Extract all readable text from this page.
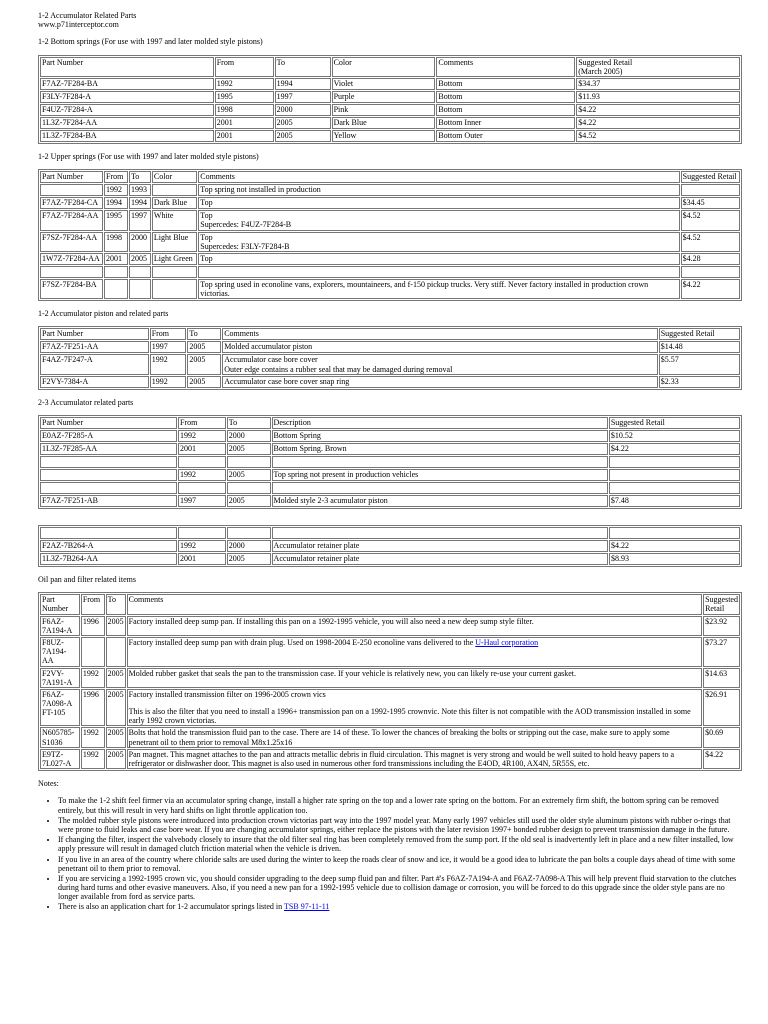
1-2 Accumulator Related Parts
www.p71interceptor.com
1-2 Bottom springs (For use with 1997 and later molded style pistons)
Part Number	From	To	Color	Comments	Suggested Retail
(March 2005)
F7AZ-7F284-BA	1992	1994	Violet	Bottom	$34.37
F3LY-7F284-A	1995	1997	Purple	Bottom	$11.93
F4UZ-7F284-A	1998	2000	Pink	Bottom	$4.22
1L3Z-7F284-AA	2001	2005	Dark Blue	Bottom Inner	$4.22
1L3Z-7F284-BA	2001	2005	Yellow	Bottom Outer	$4.52
1-2 Upper springs (For use with 1997 and later molded style pistons)
Part Number	From	To	Color	Comments	Suggested Retail
	1992	1993		Top spring not installed in production	
F7AZ-7F284-CA	1994	1994	Dark Blue	Top	$34.45
F7AZ-7F284-AA	1995	1997	White	Top
Supercedes: F4UZ-7F284-B	$4.52
F7SZ-7F284-AA	1998	2000	Light Blue	Top
Supercedes: F3LY-7F284-B	$4.52
1W7Z-7F284-AA	2001	2005	Light Green	Top	$4.28

F7SZ-7F284-BA				Top spring used in econoline vans, explorers, mountaineers, and f-150 pickup trucks. Very stiff. Never factory installed in production crown victorias.	$4.22
1-2 Accumulator piston and related parts
Part Number	From	To	Comments	Suggested Retail
F7AZ-7F251-AA	1997	2005	Molded accumulator piston	$14.48
F4AZ-7F247-A	1992	2005	Accumulator case bore cover
Outer edge contains a rubber seal that may be damaged during removal	$5.57
F2VY-7384-A	1992	2005	Accumulator case bore cover snap ring	$2.33
2-3 Accumulator related parts
Part Number	From	To	Description	Suggested Retail
E0AZ-7F285-A	1992	2000	Bottom Spring	$10.52
1L3Z-7F285-AA	2001	2005	Bottom Spring. Brown	$4.22

	1992	2005	Top spring not present in production vehicles	

F7AZ-7F251-AB	1997	2005	Molded style 2-3 acumulator piston	$7.48

F2AZ-7B264-A	1992	2000	Accumulator retainer plate	$4.22
1L3Z-7B264-AA	2001	2005	Accumulator retainer plate	$8.93
Oil pan and filter related items
Part Number	From	To	Comments	Suggested Retail
F6AZ-7A194-A	1996	2005	Factory installed deep sump pan. If installing this pan on a 1992-1995 vehicle, you will also need a new deep sump style filter.	$23.92
F8UZ-7A194-AA			Factory installed deep sump pan with drain plug. Used on 1998-2004 E-250 econoline vans delivered to the U-Haul corporation	$73.27
F2VY-7A191-A	1992	2005	Molded rubber gasket that seals the pan to the transmission case. If your vehicle is relatively new, you can likely re-use your current gasket.	$14.63
F6AZ-7A098-A FT-105	1996	2005	Factory installed transmission filter on 1996-2005 crown vics
This is also the filter that you need to install a 1996+ transmission pan on a 1992-1995 crownvic. Note this filter is not compatible with the AOD transmission installed in some early 1992 crown victorias.	$26.91
N605785-S1036	1992	2005	Bolts that hold the transmission fluid pan to the case. There are 14 of these. To lower the chances of breaking the bolts or stripping out the case, make sure to apply some penetrant oil to them prior to removal M8x1.25x16	$0.69
E9TZ-7L027-A	1992	2005	Pan magnet. This magnet attaches to the pan and attracts metallic debris in fluid circulation. This magnet is very strong and would be well suited to hold heavy papers to a refrigerator or dishwasher door. This magnet is also used in numerous other ford transmissions including the E4OD, 4R100, AX4N, 5R55S, etc.	$4.22
Notes:
• To make the 1-2 shift feel firmer via an accumulator spring change, install a higher rate spring on the top and a lower rate spring on the bottom. For an extremely firm shift, the bottom spring can be removed entirely, but this will result in very hard shifts on light throttle application too.
• The molded rubber style pistons were introduced into production crown victorias part way into the 1997 model year. Many early 1997 vehicles still used the older style aluminum pistons with rubber o-rings that were prone to fluid leaks and case bore wear. If you are changing accumulator springs, either replace the pistons with the later revision 1997+ bonded rubber design to prevent transmission damage in the future.
• If changing the filter, inspect the valvebody closely to insure that the old filter seal ring has been completely removed from the sump port. If the old seal is inadvertently left in place and a new filter installed, low apply pressure will result in damaged clutch friction material when the vehicle is driven.
• If you live in an area of the country where chloride salts are used during the winter to keep the roads clear of snow and ice, it would be a good idea to lubricate the pan bolts a couple days ahead of time with some penetrant oil to them prior to removal.
• If you are servicing a 1992-1995 crown vic, you should consider upgrading to the deep sump fluid pan and filter. Part #'s F6AZ-7A194-A and F6AZ-7A098-A This will help prevent fluid starvation to the clutches during hard turns and other evasive maneuvers. Also, if you need a new pan for a 1992-1995 vehicle due to collision damage or corrosion, you will be forced to do this upgrade since the older style pans are no longer available from ford as service parts.
• There is also an application chart for 1-2 accumulator springs listed in TSB 97-11-11
